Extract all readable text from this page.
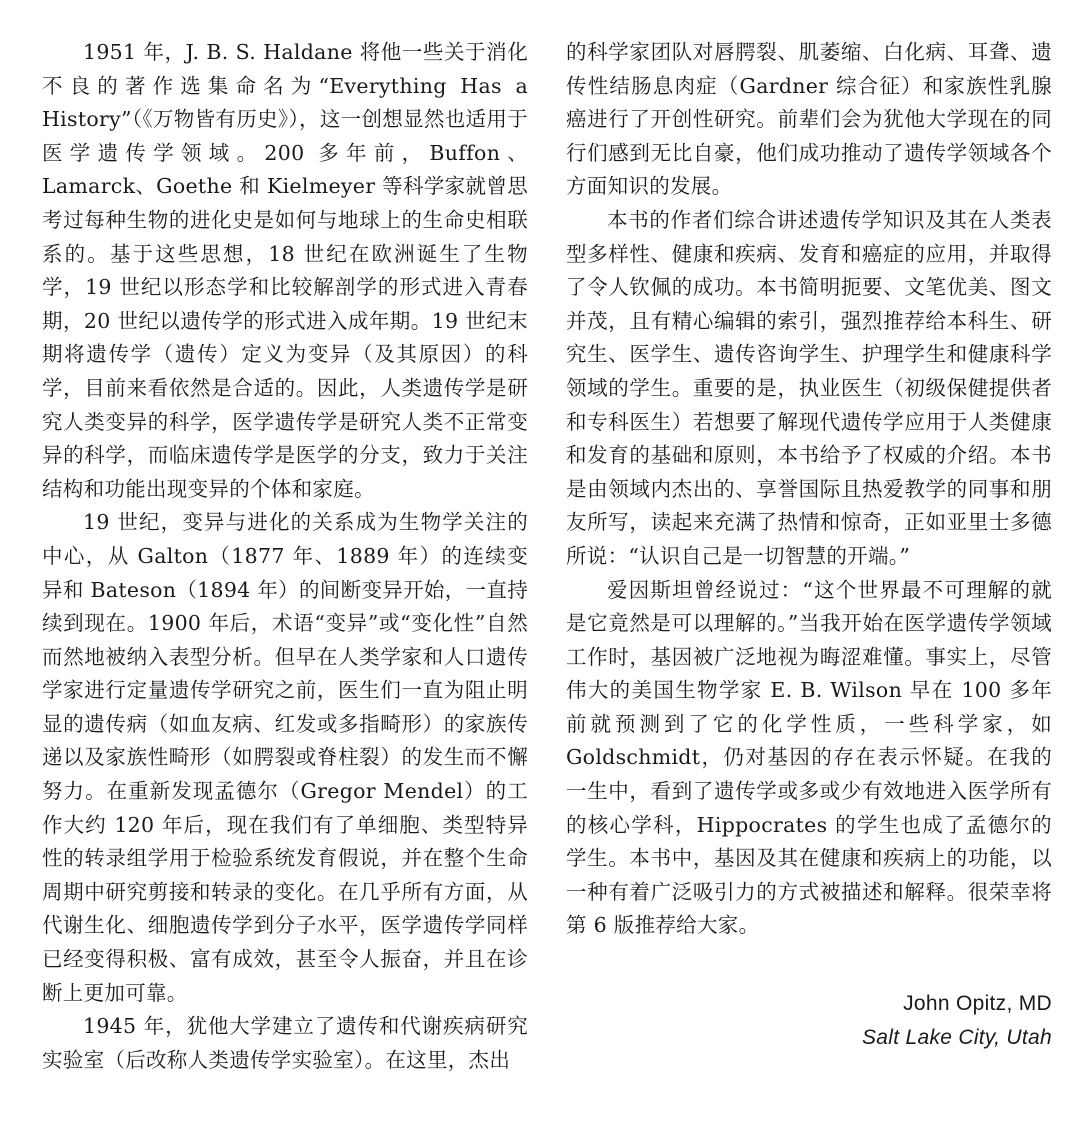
1951 年，J. B. S. Haldane 将他一些关于消化不良的著作选集命名为“Everything Has a History”（《万物皆有历史》），这一创想显然也适用于医学遗传学领域。200 多年前，Buffon、Lamarck、Goethe 和 Kielmeyer 等科学家就曾思考过每种生物的进化史是如何与地球上的生命史相联系的。基于这些思想，18 世纪在欧洲诞生了生物学，19 世纪以形态学和比较解剖学的形式进入青春期，20 世纪以遗传学的形式进入成年期。19 世纪末期将遗传学（遗传）定义为变异（及其原因）的科学，目前来看依然是合适的。因此，人类遗传学是研究人类变异的科学，医学遗传学是研究人类不正常变异的科学，而临床遗传学是医学的分支，致力于关注结构和功能出现变异的个体和家庭。

19 世纪，变异与进化的关系成为生物学关注的中心，从 Galton（1877 年、1889 年）的连续变异和 Bateson（1894 年）的间断变异开始，一直持续到现在。1900 年后，术语“变异”或“变化性”自然而然地被纳入表型分析。但早在人类学家和人口遗传学家进行定量遗传学研究之前，医生们一直为阻止明显的遗传病（如血友病、红发或多指畸形）的家族传递以及家族性畸形（如腭裂或脊柱裂）的发生而不懈努力。在重新发现孟德尔（Gregor Mendel）的工作大约 120 年后，现在我们有了单细胞、类型特异性的转录组学用于检验系统发育假说，并在整个生命周期中研究剪接和转录的变化。在几乎所有方面，从代谢生化、细胞遗传学到分子水平，医学遗传学同样已经变得积极、富有成效，甚至令人振奋，并且在诊断上更加可靠。

1945 年，犹他大学建立了遗传和代谢疾病研究实验室（后改称人类遗传学实验室）。在这里，杰出

的科学家团队对唇腭裂、肌萎缩、白化病、耳聋、遗传性结肠息肉症（Gardner 综合征）和家族性乳腺癌进行了开创性研究。前辈们会为犹他大学现在的同行们感到无比自豪，他们成功推动了遗传学领域各个方面知识的发展。

本书的作者们综合讲述遗传学知识及其在人类表型多样性、健康和疾病、发育和癌症的应用，并取得了令人钦佩的成功。本书简明扼要、文笔优美、图文并茂，且有精心编辑的索引，强烈推荐给本科生、研究生、医学生、遗传咨询学生、护理学生和健康科学领域的学生。重要的是，执业医生（初级保健提供者和专科医生）若想要了解现代遗传学应用于人类健康和发育的基础和原则，本书给予了权威的介绍。本书是由领域内杰出的、享誉国际且热爱教学的同事和朋友所写，读起来充满了热情和惊奇，正如亚里士多德所说：“认识自己是一切智慧的开端。”

爱因斯坦曾经说过：“这个世界最不可理解的就是它竟然是可以理解的。”当我开始在医学遗传学领域工作时，基因被广泛地视为晦涩难懂。事实上，尽管伟大的美国生物学家 E. B. Wilson 早在 100 多年前就预测到了它的化学性质，一些科学家，如 Goldschmidt，仍对基因的存在表示怀疑。在我的一生中，看到了遗传学或多或少有效地进入医学所有的核心学科，Hippocrates 的学生也成了孟德尔的学生。本书中，基因及其在健康和疾病上的功能，以一种有着广泛吸引力的方式被描述和解释。很荣幸将第 6 版推荐给大家。

John Opitz, MD
Salt Lake City, Utah
